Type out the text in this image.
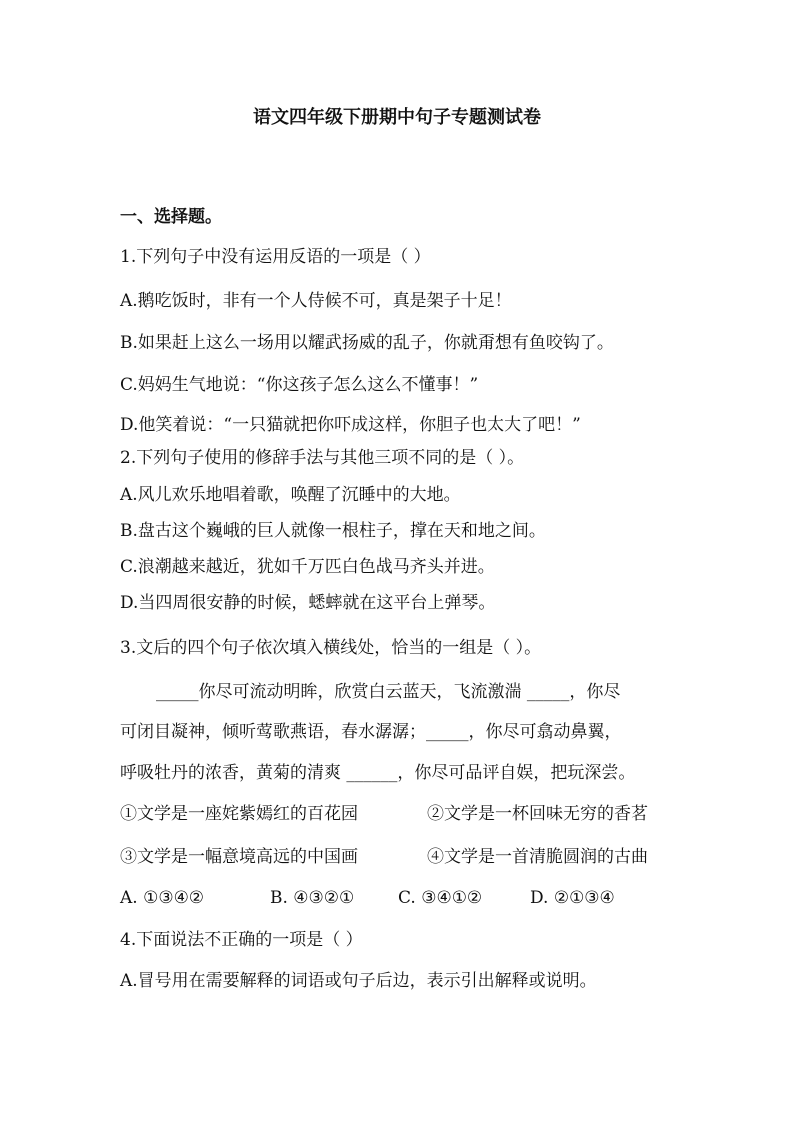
语文四年级下册期中句子专题测试卷
一、选择题。
1.下列句子中没有运用反语的一项是（ ）
A.鹅吃饭时，非有一个人侍候不可，真是架子十足！
B.如果赶上这么一场用以耀武扬威的乱子，你就甭想有鱼咬钩了。
C.妈妈生气地说：“你这孩子怎么这么不懂事！”
D.他笑着说：“一只猫就把你吓成这样，你胆子也太大了吧！”
2.下列句子使用的修辞手法与其他三项不同的是（ ）。
A.风儿欢乐地唱着歌，唤醒了沉睡中的大地。
B.盘古这个巍峨的巨人就像一根柱子，撑在天和地之间。
C.浪潮越来越近，犹如千万匹白色战马齐头并进。
D.当四周很安静的时候，蟋蟀就在这平台上弹琴。
3.文后的四个句子依次填入横线处，恰当的一组是（ ）。
_____你尽可流动明眸，欣赏白云蓝天，飞流激湍 _____，你尽
可闭目凝神，倾听莺歌燕语，春水潺潺；_____，你尽可翕动鼻翼，
呼吸牡丹的浓香，黄菊的清爽 ______，你尽可品评自娱，把玩深尝。
①文学是一座姹紫嫣红的百花园	②文学是一杯回味无穷的香茗
③文学是一幅意境高远的中国画	④文学是一首清脆圆润的古曲
A. ①③④②	B. ④③②①	C. ③④①②	D. ②①③④
4.下面说法不正确的一项是（ ）
A.冒号用在需要解释的词语或句子后边，表示引出解释或说明。
